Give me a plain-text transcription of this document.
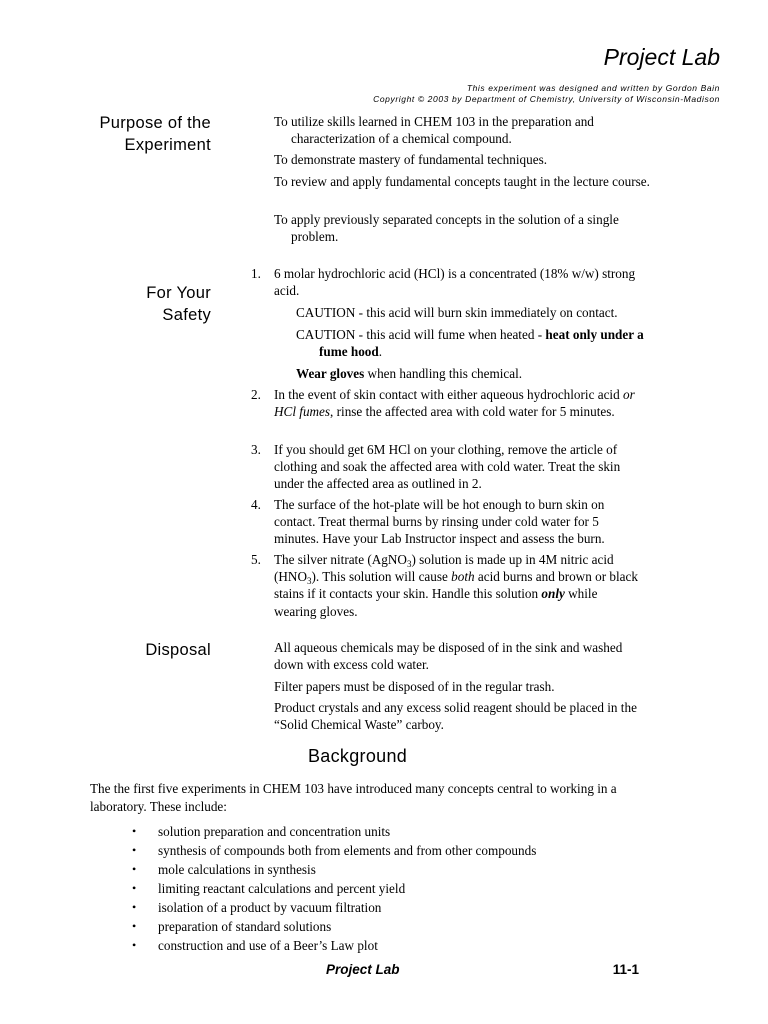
Project Lab
This experiment was designed and written by Gordon Bain
Copyright © 2003 by Department of Chemistry, University of Wisconsin-Madison
Purpose of the
Experiment
To utilize skills learned in CHEM 103 in the preparation and characterization of a chemical compound.
To demonstrate mastery of fundamental techniques.
To review and apply fundamental concepts taught in the lecture course.
To apply previously separated concepts in the solution of a single problem.
For Your
Safety
1. 6 molar hydrochloric acid (HCl) is a concentrated (18% w/w) strong acid.
CAUTION - this acid will burn skin immediately on contact.
CAUTION - this acid will fume when heated - heat only under a fume hood.
Wear gloves when handling this chemical.
2. In the event of skin contact with either aqueous hydrochloric acid or HCl fumes, rinse the affected area with cold water for 5 minutes.
3. If you should get 6M HCl on your clothing, remove the article of clothing and soak the affected area with cold water. Treat the skin under the affected area as outlined in 2.
4. The surface of the hot-plate will be hot enough to burn skin on contact. Treat thermal burns by rinsing under cold water for 5 minutes. Have your Lab Instructor inspect and assess the burn.
5. The silver nitrate (AgNO$_3$) solution is made up in 4M nitric acid $(HNO_3)$. This solution will cause both acid burns and brown or black stains if it contacts your skin. Handle this solution only while wearing gloves.
Disposal	All aqueous chemicals may be disposed of in the sink and washed down with excess cold water.
Filter papers must be disposed of in the regular trash.
Product crystals and any excess solid reagent should be placed in the “Solid Chemical Waste” carboy.
Background
The the first five experiments in CHEM 103 have introduced many concepts central to working in a laboratory. These include:
• solution preparation and concentration units
• synthesis of compounds both from elements and from other compounds
• mole calculations in synthesis
• limiting reactant calculations and percent yield
• isolation of a product by vacuum filtration
• preparation of standard solutions
• construction and use of a Beer’s Law plot
Project Lab	11-1
